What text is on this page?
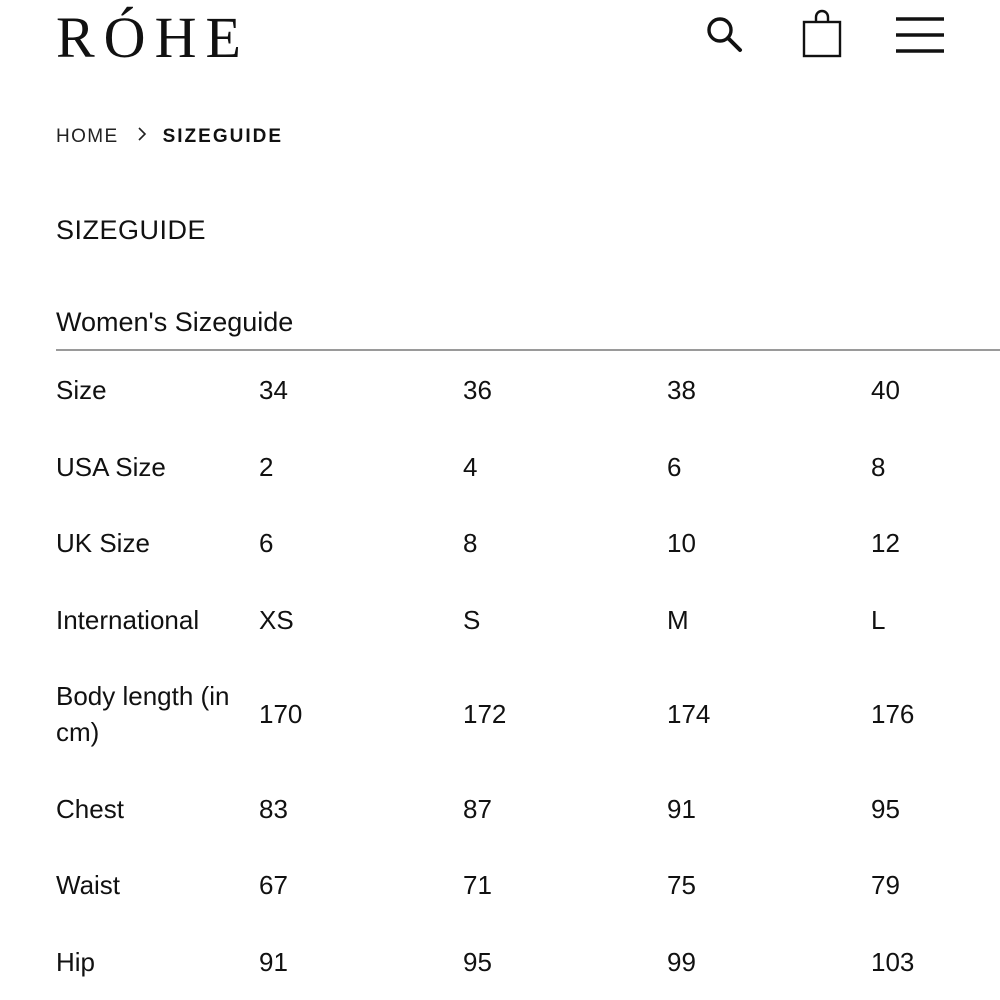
RÓHE
HOME SIZEGUIDE
SIZEGUIDE
Women's Sizeguide
Size	34	36	38	40
USA Size	2	4	6	8
UK Size	6	8	10	12
International	XS	S	M	L
Body length (in cm)	170	172	174	176
Chest	83	87	91	95
Waist	67	71	75	79
Hip	91	95	99	103
